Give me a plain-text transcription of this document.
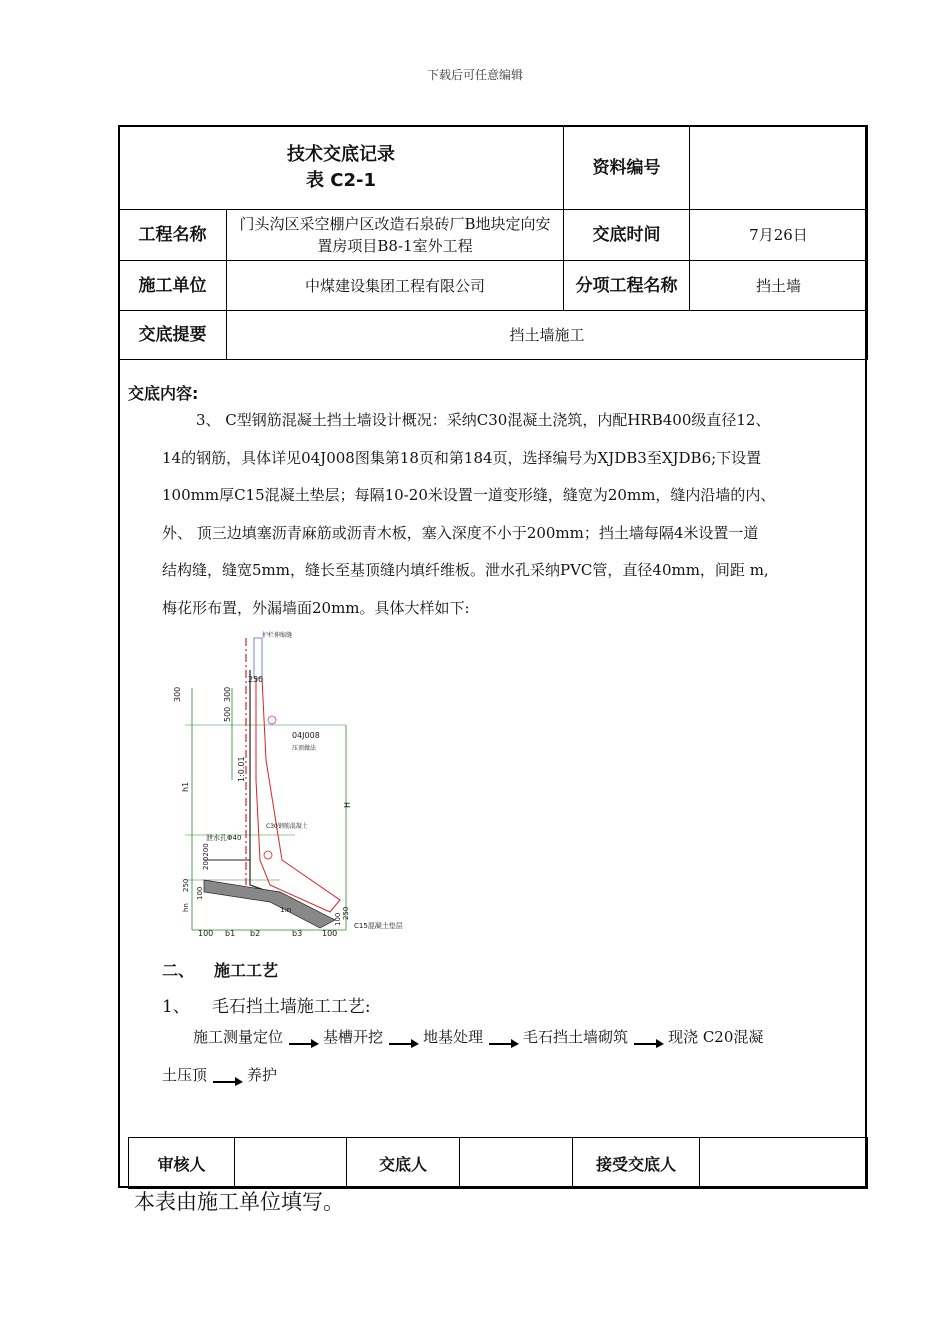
下载后可任意编辑
技术交底记录
表 C2-1		资料编号	
工程名称	门头沟区采空棚户区改造石泉砖厂B地块定向安置房项目B8-1室外工程	交底时间	7月26日
施工单位	中煤建设集团工程有限公司	分项工程名称	挡土墙
交底提要	挡土墙施工		
交底内容:
3、 C型钢筋混凝土挡土墙设计概况：采纳C30混凝土浇筑，内配HRB400级直径12、
14的钢筋，具体详见04J008图集第18页和第184页，选择编号为XJDB3至XJDB6;下设置
100mm厚C15混凝土垫层；每隔10-20米设置一道变形缝，缝宽为20mm，缝内沿墙的内、
外、 顶三边填塞沥青麻筋或沥青木板，塞入深度不小于200mm；挡土墙每隔4米设置一道
结构缝，缝宽5mm，缝长至基顶缝内填纤维板。泄水孔采纳PVC管，直径40mm，间距 m,
梅花形布置，外漏墙面20mm。具体大样如下:
护栏伸缩缝
250
300	300
500
04J008
压顶做法
1:0.01
h1
H
C30钢筋混凝土
泄水孔Φ40
200200
250
100
hn	1:n
100 250
C15混凝土垫层
100 b1 b2	b3 100
二、 施工工艺
1、 毛石挡土墙施工工艺:
施工测量定位	基槽开挖	地基处理	毛石挡土墙砌筑	现浇 C20混凝
土压顶	养护
审核人		交底人		接受交底人	
本表由施工单位填写。
